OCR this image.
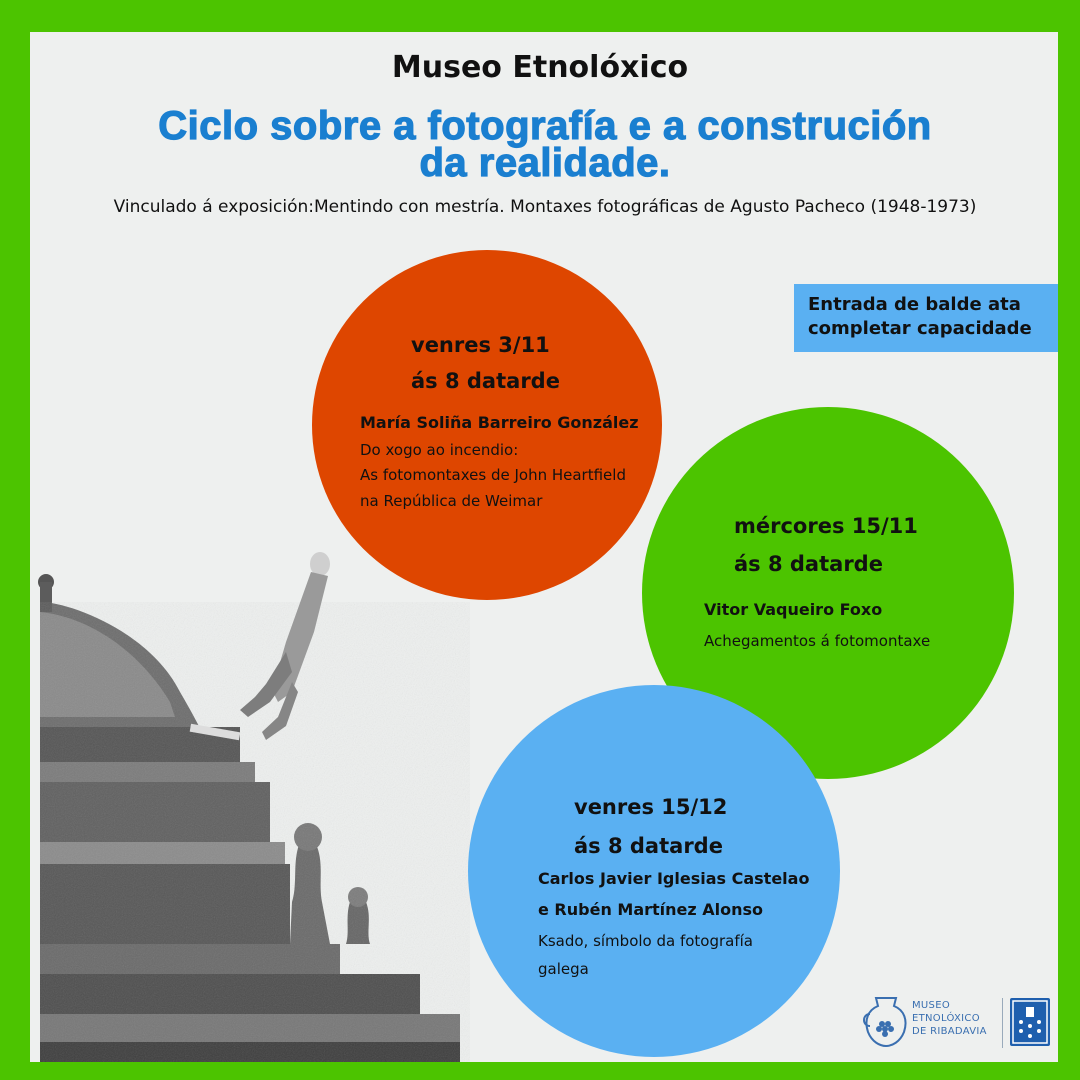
Museo Etnolóxico
Ciclo sobre a fotografía e a construción
da realidade.
Vinculado á exposición:Mentindo con mestría. Montaxes fotográficas de Agusto Pacheco (1948-1973)
Entrada de balde ata
completar capacidade
venres 3/11
ás 8 datarde
María Soliña Barreiro González
Do xogo ao incendio:
As fotomontaxes de John Heartfield
na República de Weimar
mércores 15/11
ás 8 datarde
Vitor Vaqueiro Foxo
Achegamentos á fotomontaxe
venres 15/12
ás 8 datarde
Carlos Javier Iglesias Castelao
e Rubén Martínez Alonso
Ksado, símbolo da fotografía
galega
MUSEO
ETNOLÓXICO
DE RIBADAVIA
